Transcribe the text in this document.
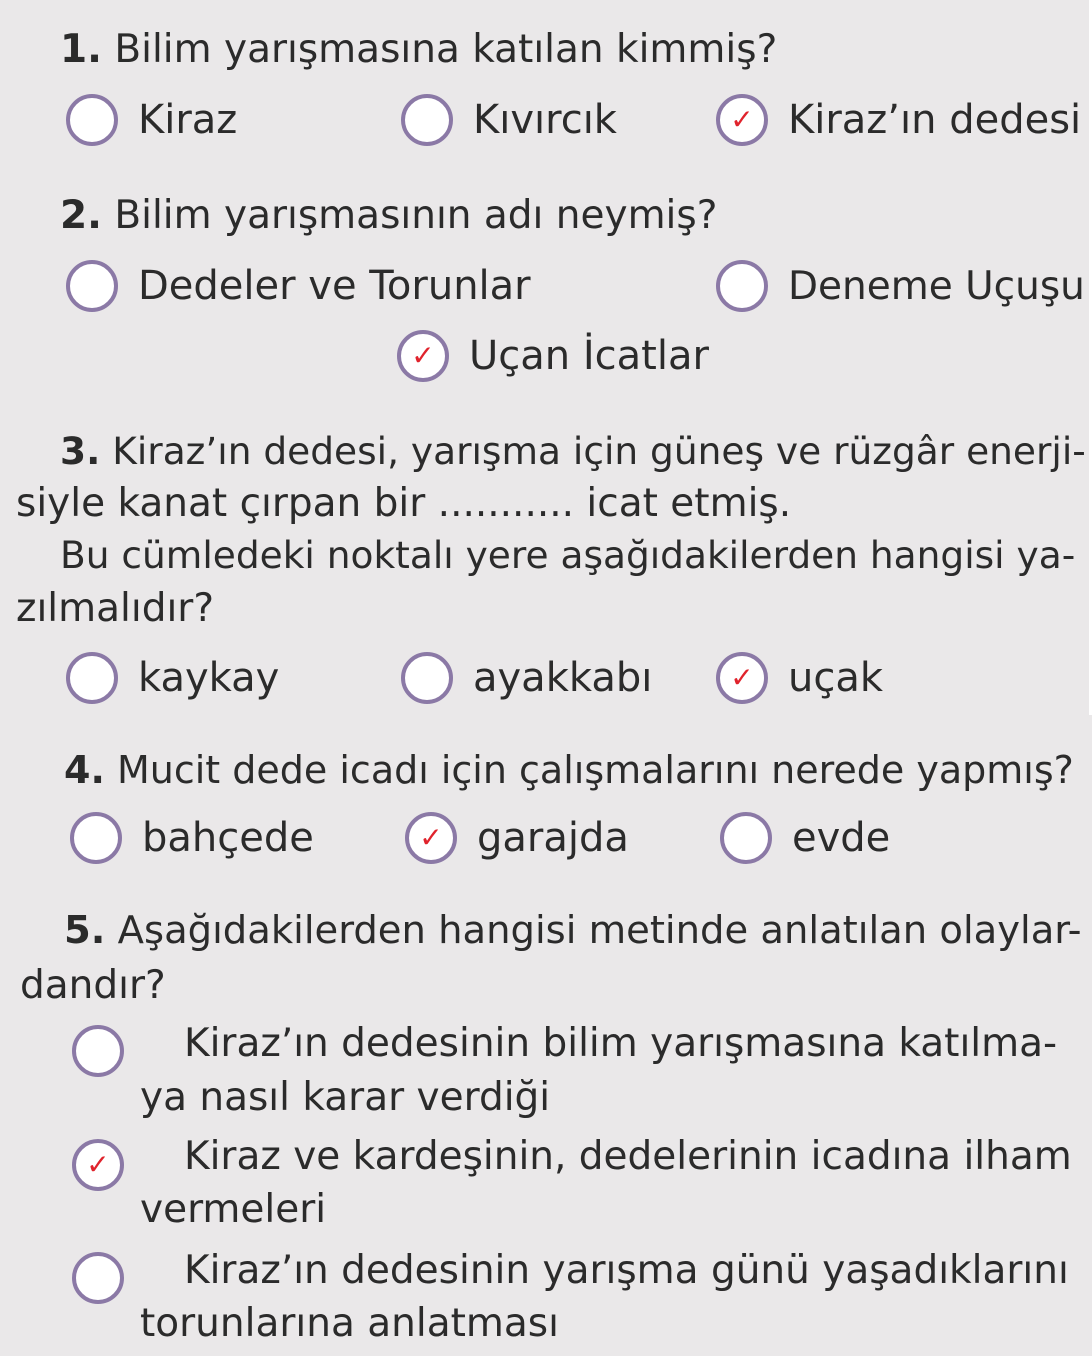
1. Bilim yarışmasına katılan kimmiş?
Kiraz	Kıvırcık	✓ Kiraz’ın dedesi
2. Bilim yarışmasının adı neymiş?
Dedeler ve Torunlar	Deneme Uçuşu
✓ Uçan İcatlar
3. Kiraz’ın dedesi, yarışma için güneş ve rüzgâr enerji-
siyle kanat çırpan bir ........... icat etmiş.
Bu cümledeki noktalı yere aşağıdakilerden hangisi ya-
zılmalıdır?
kaykay	ayakkabı	✓ uçak
4. Mucit dede icadı için çalışmalarını nerede yapmış?
bahçede	✓ garajda	evde
5. Aşağıdakilerden hangisi metinde anlatılan olaylar-
dandır?
Kiraz’ın dedesinin bilim yarışmasına katılma-
ya nasıl karar verdiği
✓ Kiraz ve kardeşinin, dedelerinin icadına ilham
vermeleri
Kiraz’ın dedesinin yarışma günü yaşadıklarını
torunlarına anlatması
